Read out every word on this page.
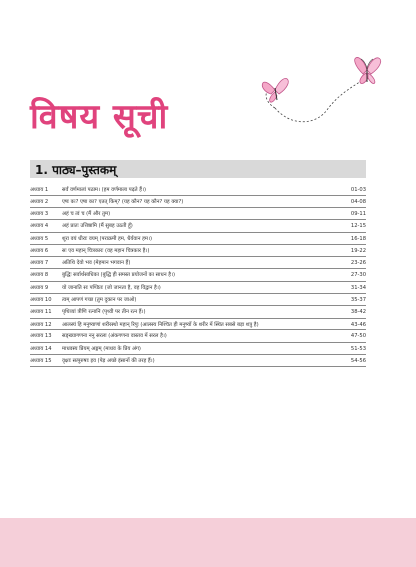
विषय सूची
1. पाठ्य–पुस्तकम्
अध्याय 1	सर्वं वर्णमालां पठाम। (हम वर्णमाला पढ़ते हैं।)	01-03
अध्याय 2	एषः कः? एषा का? एतत् किम्? (यह कौन? यह कौन? यह क्या?)	04-08
अध्याय 3	अहं च त्वं च (मैं और तुम)	09-11
अध्याय 4	अहं प्रातः उत्तिष्ठामि (मैं सुबह उठती हूँ)	12-15
अध्याय 5	शूरा वयं धीराः वयम् (पराक्रमी हम, धैर्यवान हम।)	16-18
अध्याय 6	सः एव महान् चित्रकारः (वह महान चित्रकार है।)	19-22
अध्याय 7	अतिथि देवो भव (मेहमान भगवान हैं)	23-26
अध्याय 8	बुद्धिः सर्वार्थसाधिका (बुद्धि ही समस्त प्रयोजनों का साधन है।)	27-30
अध्याय 9	यो जानाति सः पण्डितः (जो जानता है, वह विद्वान है।)	31-34
अध्याय 10	त्वम् आपणं गच्छ (तुम दुकान पर जाओ)	35-37
अध्याय 11	पृथिव्यां त्रीणि रत्नानि (पृथ्वी पर तीन रत्न हैं।)	38-42
अध्याय 12	आलस्यं हि मनुष्याणां शरीरस्थो महान् रिपुः (आलस्य निश्चित ही मनुष्यों के शरीर में स्थित सबसे बड़ा शत्रु है)	43-46
अध्याय 13	सङ्ख्यागणना ननु सरला (अंकगणना वास्तव में सरल है।)	47-50
अध्याय 14	माधवस्य प्रियम् अङ्गम् (माधव के प्रिय अंग)	51-53
अध्याय 15	वृक्षाः सत्पुरुषाः इव (पेड़ अच्छे इंसानों की तरह हैं।)	54-56
